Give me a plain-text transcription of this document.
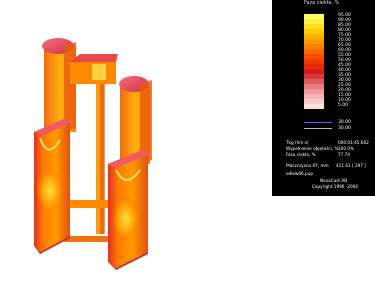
Faza ciekła, %
95.00
90.00
85.00
80.00
75.00
70.00
65.00
60.00
55.00
50.00
45.00
40.00
35.00
30.00
25.00
20.00
15.00
10.00
5.00
30.00
30.00
Tkg (hm:s)	000:01:45.662
Wypełnienie objętości, % 100.0%
Faza ciekła, %	77.74
Płaszczyzna XY, mm 411.61 [ 297 ]
odlew06.pup
NovaCast AB
Copyright 1996 -2004
